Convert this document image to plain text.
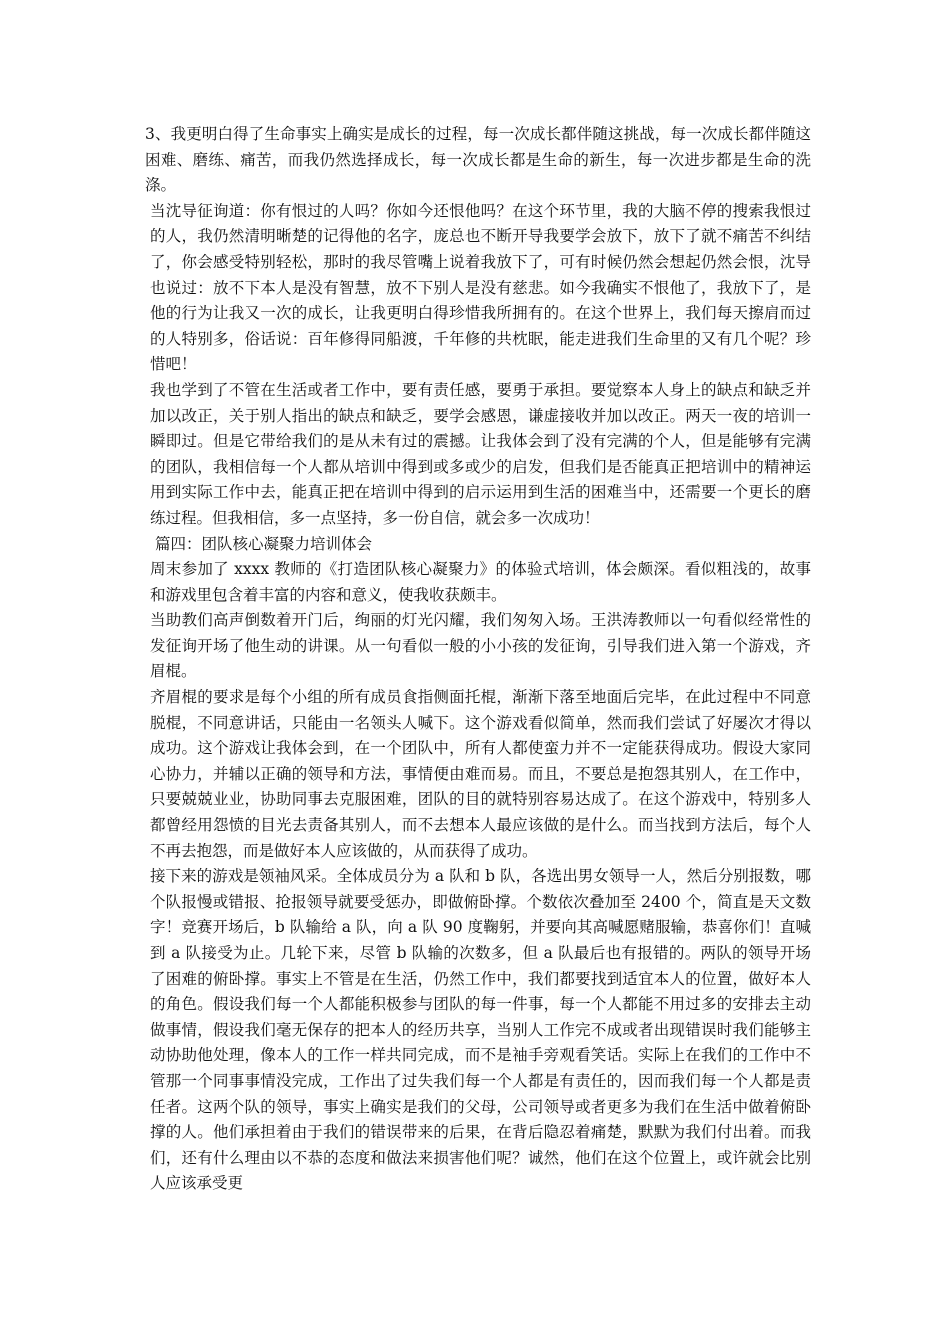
3、我更明白得了生命事实上确实是成长的过程，每一次成长都伴随这挑战，每一次成长都伴随这困难、磨练、痛苦，而我仍然选择成长，每一次成长都是生命的新生，每一次进步都是生命的洗涤。

当沈导征询道：你有恨过的人吗？你如今还恨他吗？在这个环节里，我的大脑不停的搜索我恨过的人，我仍然清明晰楚的记得他的名字，庞总也不断开导我要学会放下，放下了就不痛苦不纠结了，你会感受特别轻松，那时的我尽管嘴上说着我放下了，可有时候仍然会想起仍然会恨，沈导也说过：放不下本人是没有智慧，放不下别人是没有慈悲。如今我确实不恨他了，我放下了，是他的行为让我又一次的成长，让我更明白得珍惜我所拥有的。在这个世界上，我们每天擦肩而过的人特别多，俗话说：百年修得同船渡，千年修的共枕眠，能走进我们生命里的又有几个呢？珍惜吧！

我也学到了不管在生活或者工作中，要有责任感，要勇于承担。要觉察本人身上的缺点和缺乏并加以改正，关于别人指出的缺点和缺乏，要学会感恩，谦虚接收并加以改正。两天一夜的培训一瞬即过。但是它带给我们的是从未有过的震撼。让我体会到了没有完满的个人，但是能够有完满的团队，我相信每一个人都从培训中得到或多或少的启发，但我们是否能真正把培训中的精神运用到实际工作中去，能真正把在培训中得到的启示运用到生活的困难当中，还需要一个更长的磨练过程。但我相信，多一点坚持，多一份自信，就会多一次成功！

篇四：团队核心凝聚力培训体会

周末参加了 xxxx 教师的《打造团队核心凝聚力》的体验式培训，体会颇深。看似粗浅的，故事和游戏里包含着丰富的内容和意义，使我收获颇丰。

当助教们高声倒数着开门后，绚丽的灯光闪耀，我们匆匆入场。王洪涛教师以一句看似经常性的发征询开场了他生动的讲课。从一句看似一般的小小孩的发征询，引导我们进入第一个游戏，齐眉棍。

齐眉棍的要求是每个小组的所有成员食指侧面托棍，渐渐下落至地面后完毕，在此过程中不同意脱棍，不同意讲话，只能由一名领头人喊下。这个游戏看似简单，然而我们尝试了好屡次才得以成功。这个游戏让我体会到，在一个团队中，所有人都使蛮力并不一定能获得成功。假设大家同心协力，并辅以正确的领导和方法，事情便由难而易。而且，不要总是抱怨其别人，在工作中，只要兢兢业业，协助同事去克服困难，团队的目的就特别容易达成了。在这个游戏中，特别多人都曾经用怨愤的目光去责备其别人，而不去想本人最应该做的是什么。而当找到方法后，每个人不再去抱怨，而是做好本人应该做的，从而获得了成功。

接下来的游戏是领袖风采。全体成员分为 a 队和 b 队，各选出男女领导一人，然后分别报数，哪个队报慢或错报、抢报领导就要受惩办，即做俯卧撑。个数依次叠加至 2400 个，简直是天文数字！竞赛开场后，b 队输给 a 队，向 a 队 90 度鞠躬，并要向其高喊愿赌服输，恭喜你们！直喊到 a 队接受为止。几轮下来，尽管 b 队输的次数多，但 a 队最后也有报错的。两队的领导开场了困难的俯卧撑。事实上不管是在生活，仍然工作中，我们都要找到适宜本人的位置，做好本人的角色。假设我们每一个人都能积极参与团队的每一件事，每一个人都能不用过多的安排去主动做事情，假设我们毫无保存的把本人的经历共享，当别人工作完不成或者出现错误时我们能够主动协助他处理，像本人的工作一样共同完成，而不是袖手旁观看笑话。实际上在我们的工作中不管那一个同事事情没完成，工作出了过失我们每一个人都是有责任的，因而我们每一个人都是责任者。这两个队的领导，事实上确实是我们的父母，公司领导或者更多为我们在生活中做着俯卧撑的人。他们承担着由于我们的错误带来的后果，在背后隐忍着痛楚，默默为我们付出着。而我们，还有什么理由以不恭的态度和做法来损害他们呢？诚然，他们在这个位置上，或许就会比别人应该承受更
